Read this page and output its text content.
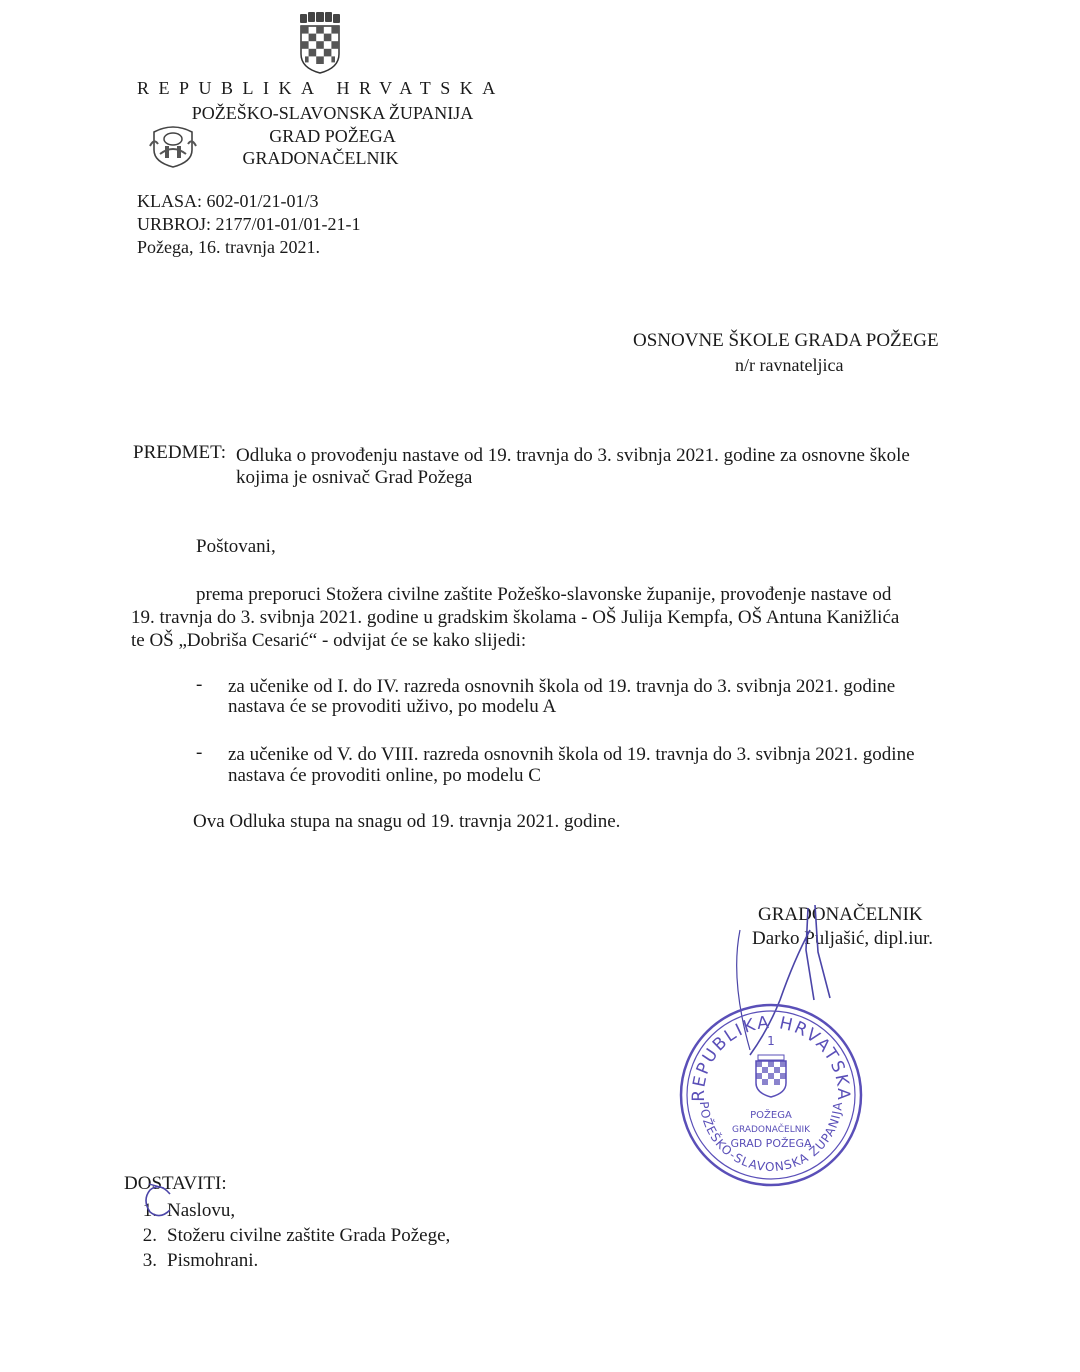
REPUBLIKA HRVATSKA
POŽEŠKO-SLAVONSKA ŽUPANIJA
GRAD POŽEGA
GRADONAČELNIK
KLASA: 602-01/21-01/3
URBROJ: 2177/01-01/01-21-1
Požega, 16. travnja 2021.
OSNOVNE ŠKOLE GRADA POŽEGE
n/r ravnateljica
PREDMET: Odluka o provođenju nastave od 19. travnja do 3. svibnja 2021. godine za osnovne škole
kojima je osnivač Grad Požega
Poštovani,
prema preporuci Stožera civilne zaštite Požeško-slavonske županije, provođenje nastave od
19. travnja do 3. svibnja 2021. godine u gradskim školama - OŠ Julija Kempfa, OŠ Antuna Kanižlića
te OŠ „Dobriša Cesarić“ - odvijat će se kako slijedi:
- za učenike od I. do IV. razreda osnovnih škola od 19. travnja do 3. svibnja 2021. godine
nastava će se provoditi uživo, po modelu A
- za učenike od V. do VIII. razreda osnovnih škola od 19. travnja do 3. svibnja 2021. godine
nastava će provoditi online, po modelu C
Ova Odluka stupa na snagu od 19. travnja 2021. godine.
GRADONAČELNIK
Darko Puljašić, dipl.iur.
REPUBLIKA HRVATSKA
POŽEŠKO-SLAVONSKA ŽUPANIJA
1
POŽEGA
GRADONAČELNIK
GRAD POŽEGA
DOSTAVITI:
1. Naslovu,
2. Stožeru civilne zaštite Grada Požege,
3. Pismohrani.
